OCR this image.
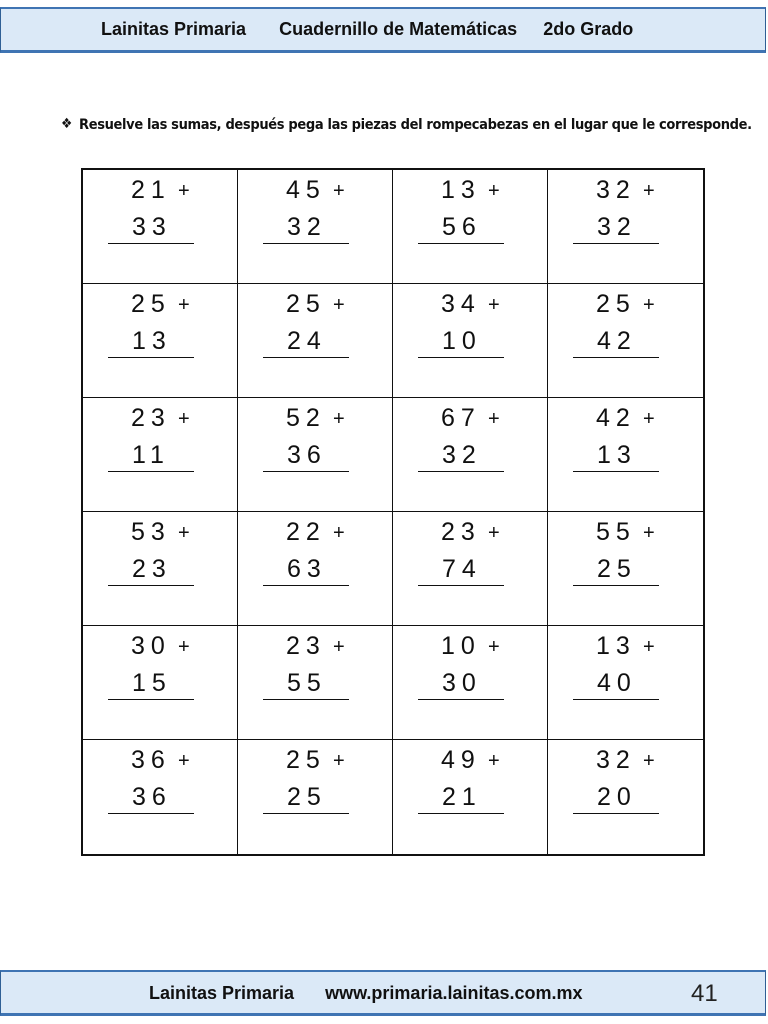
Lainitas Primaria Cuadernillo de Matemáticas 2do Grado
❖ Resuelve las sumas, después pega las piezas del rompecabezas en el lugar que le corresponde.
21 +
33
45 +
32
13 +
56
32 +
32
25 +
13
25 +
24
34 +
10
25 +
42
23 +
11
52 +
36
67 +
32
42 +
13
53 +
23
22 +
63
23 +
74
55 +
25
30 +
15
23 +
55
10 +
30
13 +
40
36 +
36
25 +
25
49 +
21
32 +
20
Lainitas Primaria www.primaria.lainitas.com.mx	41
